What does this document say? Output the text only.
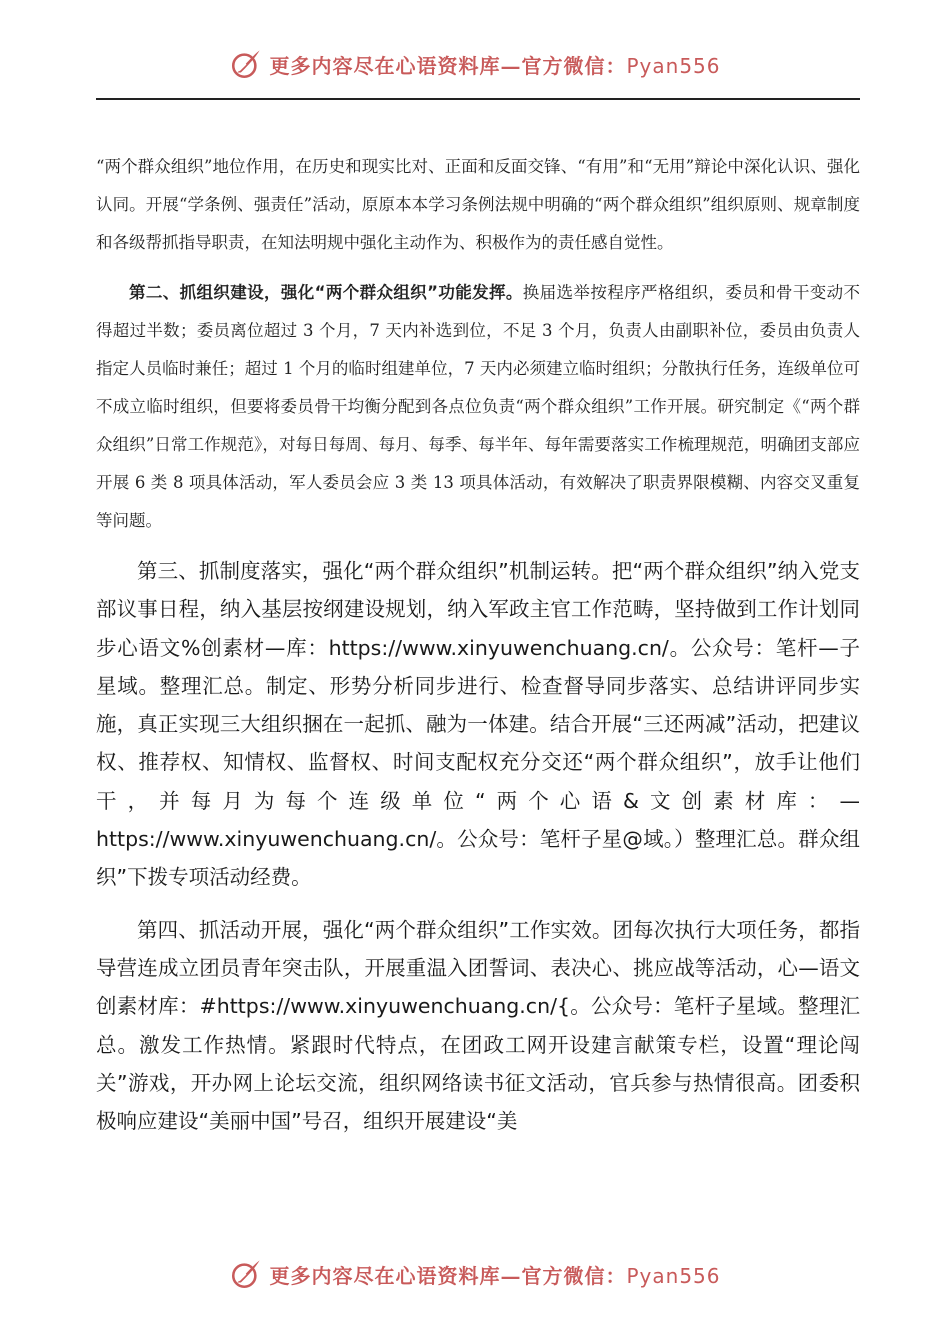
更多内容尽在心语资料库—官方微信：Pyan556

“两个群众组织”地位作用，在历史和现实比对、正面和反面交锋、“有用”和“无用”辩论中深化认识、强化认同。开展“学条例、强责任”活动，原原本本学习条例法规中明确的“两个群众组织”组织原则、规章制度和各级帮抓指导职责，在知法明规中强化主动作为、积极作为的责任感自觉性。

第二、抓组织建设，强化“两个群众组织”功能发挥。换届选举按程序严格组织，委员和骨干变动不得超过半数；委员离位超过 3 个月，7 天内补选到位，不足 3 个月，负责人由副职补位，委员由负责人指定人员临时兼任；超过 1 个月的临时组建单位，7 天内必须建立临时组织；分散执行任务，连级单位可不成立临时组织，但要将委员骨干均衡分配到各点位负责“两个群众组织”工作开展。研究制定《“两个群众组织”日常工作规范》，对每日每周、每月、每季、每半年、每年需要落实工作梳理规范，明确团支部应开展 6 类 8 项具体活动，军人委员会应 3 类 13 项具体活动，有效解决了职责界限模糊、内容交叉重复等问题。

第三、抓制度落实，强化“两个群众组织”机制运转。把“两个群众组织”纳入党支部议事日程，纳入基层按纲建设规划，纳入军政主官工作范畴，坚持做到工作计划同步心语文%创素材—库：https://www.xinyuwenchuang.cn/。公众号：笔杆—子星域。整理汇总。制定、形势分析同步进行、检查督导同步落实、总结讲评同步实施，真正实现三大组织捆在一起抓、融为一体建。结合开展“三还两减”活动，把建议权、推荐权、知情权、监督权、时间支配权充分交还“两个群众组织”，放手让他们干，并每月为每个连级单位“两个心语&文创素材库：—https://www.xinyuwenchuang.cn/。公众号：笔杆子星@域。）整理汇总。群众组织”下拨专项活动经费。

第四、抓活动开展，强化“两个群众组织”工作实效。团每次执行大项任务，都指导营连成立团员青年突击队，开展重温入团誓词、表决心、挑应战等活动，心—语文创素材库：#https://www.xinyuwenchuang.cn/{。公众号：笔杆子星域。整理汇总。激发工作热情。紧跟时代特点，在团政工网开设建言献策专栏，设置“理论闯关”游戏，开办网上论坛交流，组织网络读书征文活动，官兵参与热情很高。团委积极响应建设“美丽中国”号召，组织开展建设“美

更多内容尽在心语资料库—官方微信：Pyan556
